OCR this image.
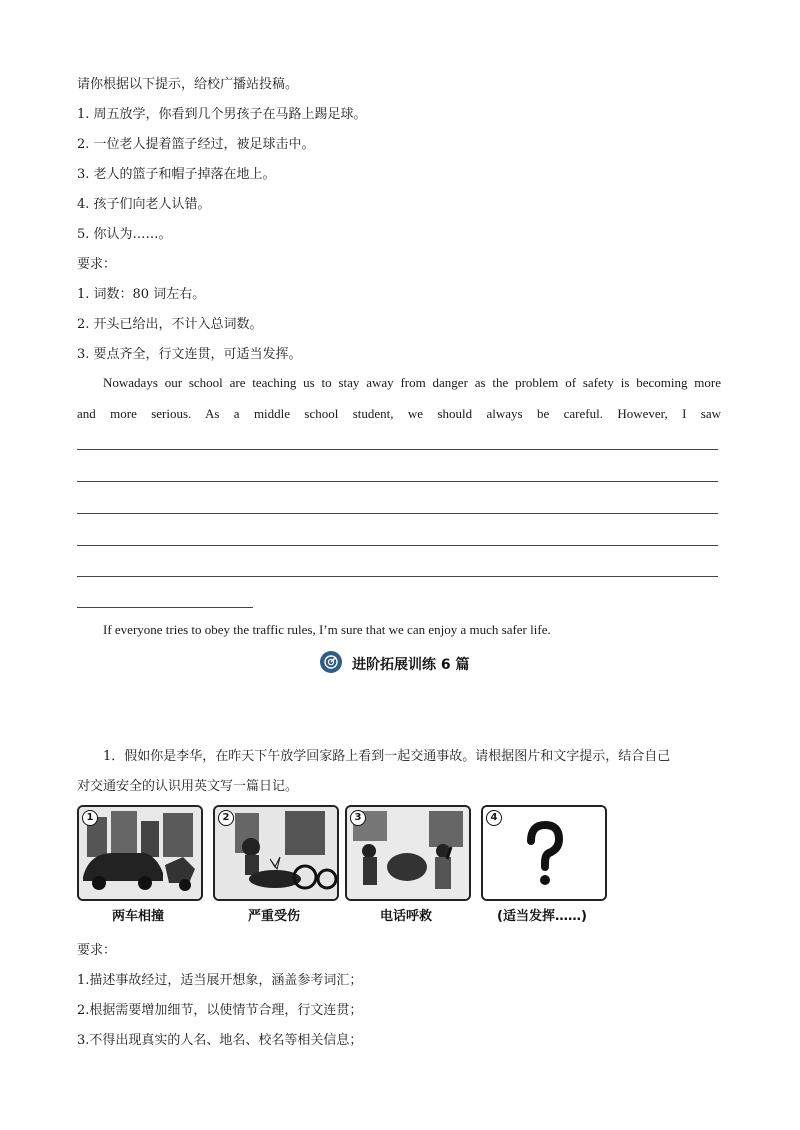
请你根据以下提示，给校广播站投稿。
1. 周五放学，你看到几个男孩子在马路上踢足球。
2. 一位老人提着篮子经过，被足球击中。
3. 老人的篮子和帽子掉落在地上。
4. 孩子们向老人认错。
5. 你认为……。
要求：
1. 词数：80 词左右。
2. 开头已给出，不计入总词数。
3. 要点齐全，行文连贯，可适当发挥。
Nowadays our school are teaching us to stay away from danger as the problem of safety is becoming more
and more serious. As a middle school student, we should always be careful. However, I saw
If everyone tries to obey the traffic rules, I’m sure that we can enjoy a much safer life.
进阶拓展训练 6 篇
1．假如你是李华，在昨天下午放学回家路上看到一起交通事故。请根据图片和文字提示，结合自己
对交通安全的认识用英文写一篇日记。
1	2	3	4
两车相撞	严重受伤	电话呼救	(适当发挥……)
要求：
1.描述事故经过，适当展开想象，涵盖参考词汇；
2.根据需要增加细节，以使情节合理，行文连贯；
3.不得出现真实的人名、地名、校名等相关信息；
